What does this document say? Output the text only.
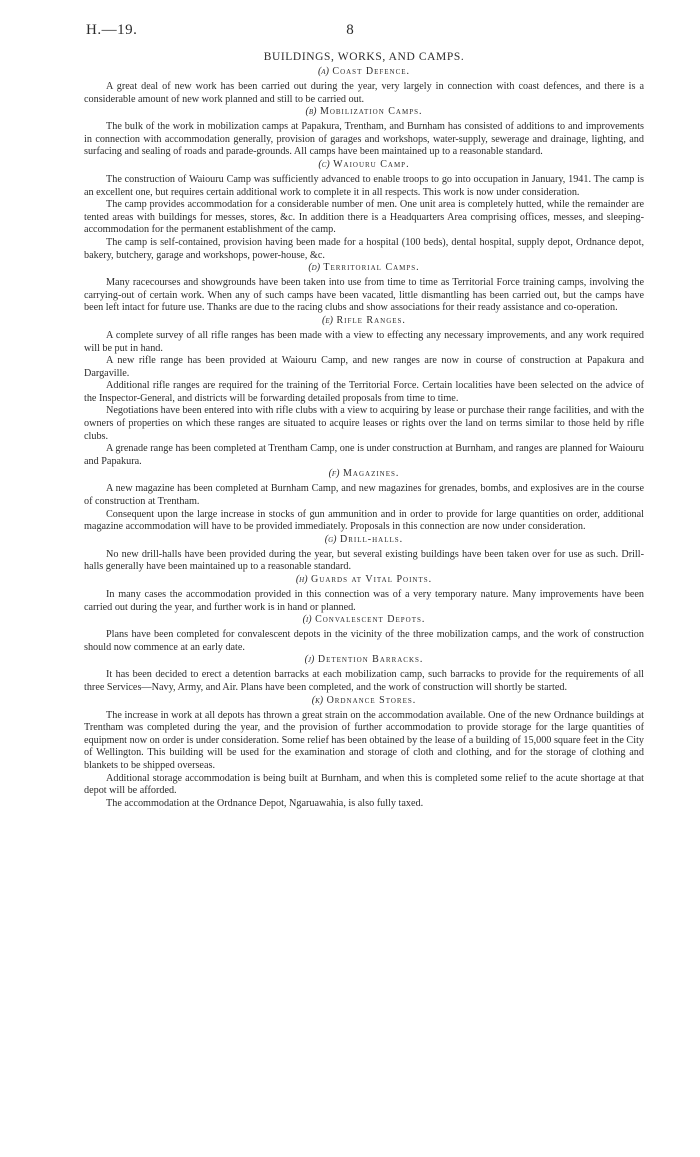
H.—19.	8
BUILDINGS, WORKS, AND CAMPS.
(a) Coast Defence.

A great deal of new work has been carried out during the year, very largely in connection with coast defences, and there is a considerable amount of new work planned and still to be carried out.

(b) Mobilization Camps.

The bulk of the work in mobilization camps at Papakura, Trentham, and Burnham has consisted of additions to and improvements in connection with accommodation generally, provision of garages and workshops, water-supply, sewerage and drainage, lighting, and surfacing and sealing of roads and parade-grounds. All camps have been maintained up to a reasonable standard.

(c) Waiouru Camp.

The construction of Waiouru Camp was sufficiently advanced to enable troops to go into occupation in January, 1941. The camp is an excellent one, but requires certain additional work to complete it in all respects. This work is now under consideration.

The camp provides accommodation for a considerable number of men. One unit area is completely hutted, while the remainder are tented areas with buildings for messes, stores, &c. In addition there is a Headquarters Area comprising offices, messes, and sleeping-accommodation for the permanent establishment of the camp.

The camp is self-contained, provision having been made for a hospital (100 beds), dental hospital, supply depot, Ordnance depot, bakery, butchery, garage and workshops, power-house, &c.

(d) Territorial Camps.

Many racecourses and showgrounds have been taken into use from time to time as Territorial Force training camps, involving the carrying-out of certain work. When any of such camps have been vacated, little dismantling has been carried out, but the camps have been left intact for future use. Thanks are due to the racing clubs and show associations for their ready assistance and co-operation.

(e) Rifle Ranges.

A complete survey of all rifle ranges has been made with a view to effecting any necessary improvements, and any work required will be put in hand.

A new rifle range has been provided at Waiouru Camp, and new ranges are now in course of construction at Papakura and Dargaville.

Additional rifle ranges are required for the training of the Territorial Force. Certain localities have been selected on the advice of the Inspector-General, and districts will be forwarding detailed proposals from time to time.

Negotiations have been entered into with rifle clubs with a view to acquiring by lease or purchase their range facilities, and with the owners of properties on which these ranges are situated to acquire leases or rights over the land on terms similar to those held by rifle clubs.

A grenade range has been completed at Trentham Camp, one is under construction at Burnham, and ranges are planned for Waiouru and Papakura.

(f) Magazines.

A new magazine has been completed at Burnham Camp, and new magazines for grenades, bombs, and explosives are in the course of construction at Trentham.

Consequent upon the large increase in stocks of gun ammunition and in order to provide for large quantities on order, additional magazine accommodation will have to be provided immediately. Proposals in this connection are now under consideration.

(g) Drill-halls.

No new drill-halls have been provided during the year, but several existing buildings have been taken over for use as such. Drill-halls generally have been maintained up to a reasonable standard.

(h) Guards at Vital Points.

In many cases the accommodation provided in this connection was of a very temporary nature. Many improvements have been carried out during the year, and further work is in hand or planned.

(i) Convalescent Depots.

Plans have been completed for convalescent depots in the vicinity of the three mobilization camps, and the work of construction should now commence at an early date.

(j) Detention Barracks.

It has been decided to erect a detention barracks at each mobilization camp, such barracks to provide for the requirements of all three Services—Navy, Army, and Air. Plans have been completed, and the work of construction will shortly be started.

(k) Ordnance Stores.

The increase in work at all depots has thrown a great strain on the accommodation available. One of the new Ordnance buildings at Trentham was completed during the year, and the provision of further accommodation to provide storage for the large quantities of equipment now on order is under consideration. Some relief has been obtained by the lease of a building of 15,000 square feet in the City of Wellington. This building will be used for the examination and storage of cloth and clothing, and for the storage of clothing and blankets to be shipped overseas.

Additional storage accommodation is being built at Burnham, and when this is completed some relief to the acute shortage at that depot will be afforded.

The accommodation at the Ordnance Depot, Ngaruawahia, is also fully taxed.
